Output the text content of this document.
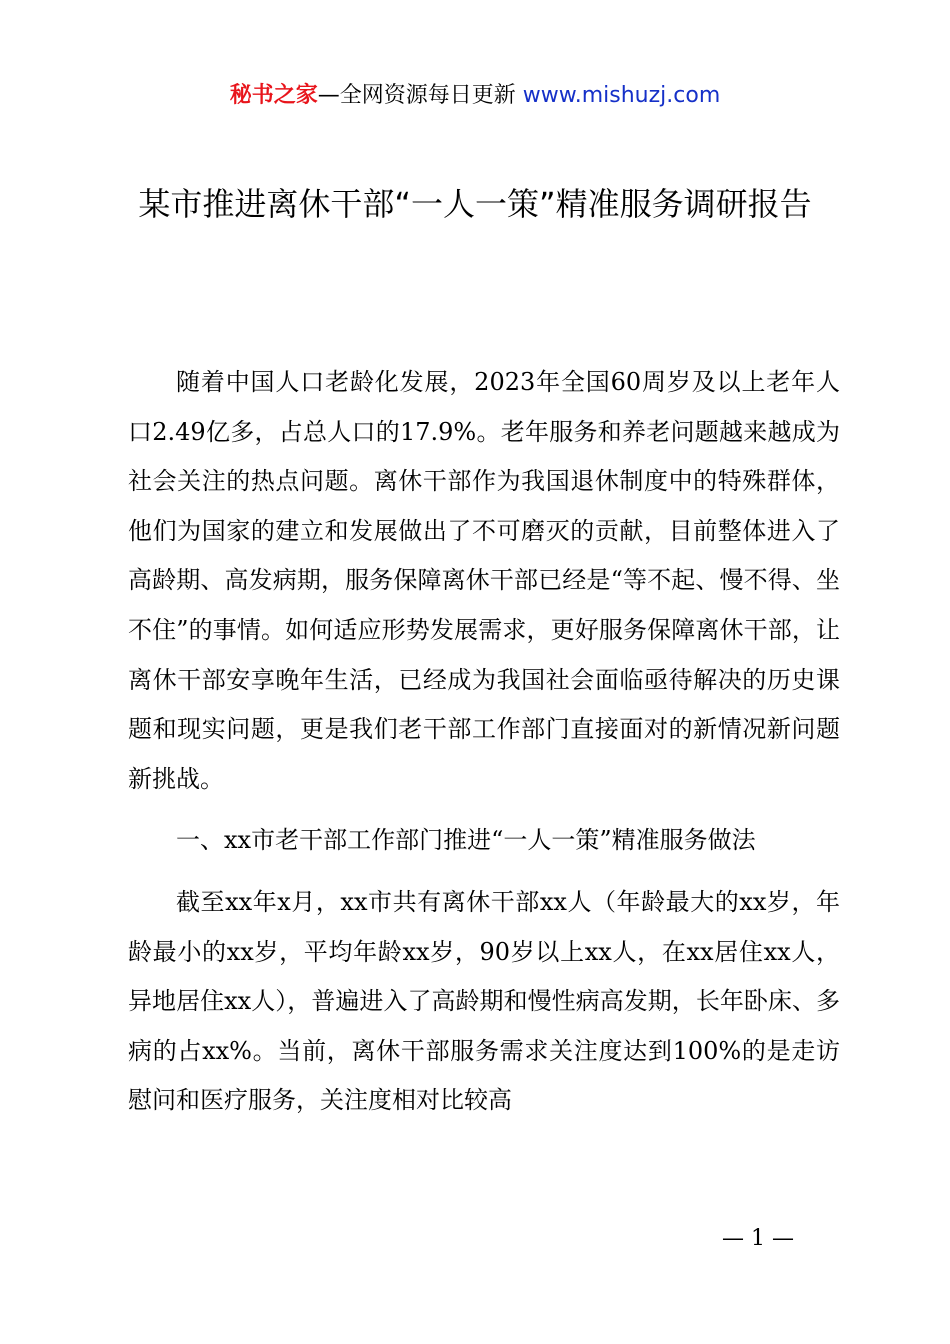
秘书之家—全网资源每日更新 www.mishuzj.com
某市推进离休干部“一人一策”精准服务调研报告

随着中国人口老龄化发展，2023年全国60周岁及以上老年人口2.49亿多，占总人口的17.9%。老年服务和养老问题越来越成为社会关注的热点问题。离休干部作为我国退休制度中的特殊群体，他们为国家的建立和发展做出了不可磨灭的贡献，目前整体进入了高龄期、高发病期，服务保障离休干部已经是“等不起、慢不得、坐不住”的事情。如何适应形势发展需求，更好服务保障离休干部，让离休干部安享晚年生活，已经成为我国社会面临亟待解决的历史课题和现实问题，更是我们老干部工作部门直接面对的新情况新问题新挑战。

一、xx市老干部工作部门推进“一人一策”精准服务做法

截至xx年x月，xx市共有离休干部xx人（年龄最大的xx岁，年龄最小的xx岁，平均年龄xx岁，90岁以上xx人，在xx居住xx人，异地居住xx人），普遍进入了高龄期和慢性病高发期，长年卧床、多病的占xx%。当前，离休干部服务需求关注度达到100%的是走访慰问和医疗服务，关注度相对比较高

— 1 —
